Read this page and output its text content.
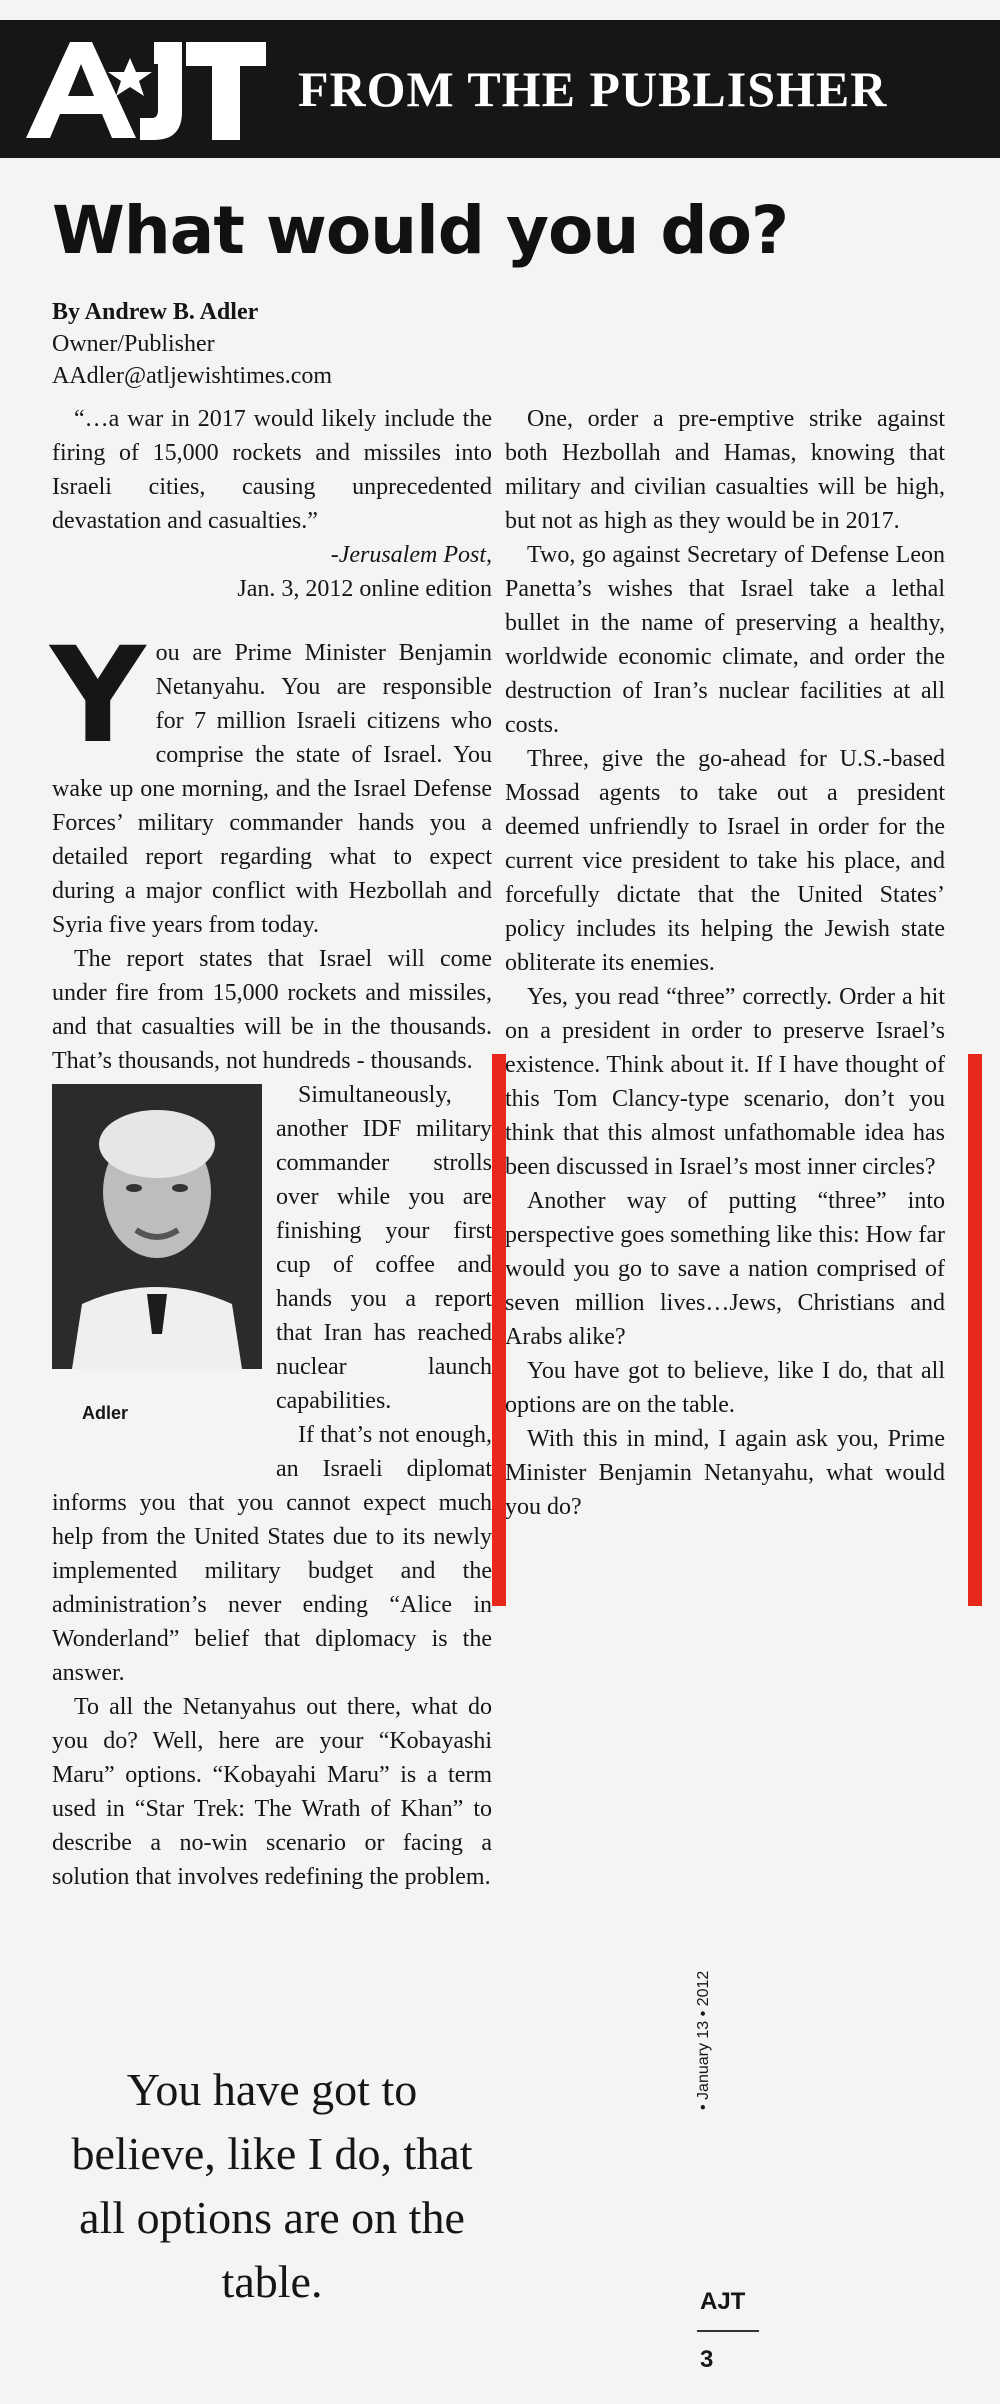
FROM THE PUBLISHER
What would you do?
By Andrew B. Adler
Owner/Publisher
AAdler@atljewishtimes.com

“…a war in 2017 would likely include the firing of 15,000 rockets and missiles into Israeli cities, causing unprecedented devastation and casualties.”

-Jerusalem Post,
Jan. 3, 2012 online edition

You are Prime Minister Benjamin Netanyahu. You are responsible for 7 million Israeli citizens who comprise the state of Israel. You wake up one morning, and the Israel Defense Forces’ military commander hands you a detailed report regarding what to expect during a major conflict with Hezbollah and Syria five years from today.

The report states that Israel will come under fire from 15,000 rockets and missiles, and that casualties will be in the thousands. That’s thousands, not hundreds - thousands.

Adler
Simultaneously, another IDF military commander strolls over while you are finishing your first cup of coffee and hands you a report that Iran has reached nuclear launch capabilities.

If that’s not enough, an Israeli diplomat informs you that you cannot expect much help from the United States due to its newly implemented military budget and the administration’s never ending “Alice in Wonderland” belief that diplomacy is the answer.

To all the Netanyahus out there, what do you do? Well, here are your “Kobayashi Maru” options. “Kobayahi Maru” is a term used in “Star Trek: The Wrath of Khan” to describe a no-win scenario or facing a solution that involves redefining the problem.

One, order a pre-emptive strike against both Hezbollah and Hamas, knowing that military and civilian casualties will be high, but not as high as they would be in 2017.

Two, go against Secretary of Defense Leon Panetta’s wishes that Israel take a lethal bullet in the name of preserving a healthy, worldwide economic climate, and order the destruction of Iran’s nuclear facilities at all costs.

Three, give the go-ahead for U.S.-based Mossad agents to take out a president deemed unfriendly to Israel in order for the current vice president to take his place, and forcefully dictate that the United States’ policy includes its helping the Jewish state obliterate its enemies.

Yes, you read “three” correctly. Order a hit on a president in order to preserve Israel’s existence. Think about it. If I have thought of this Tom Clancy-type scenario, don’t you think that this almost unfathomable idea has been discussed in Israel’s most inner circles?

Another way of putting “three” into perspective goes something like this: How far would you go to save a nation comprised of seven million lives…Jews, Christians and Arabs alike?

You have got to believe, like I do, that all options are on the table.

With this in mind, I again ask you, Prime Minister Benjamin Netanyahu, what would you do?

You have got to believe, like I do, that all options are on the table.
• January 13 • 2012
AJT
3
